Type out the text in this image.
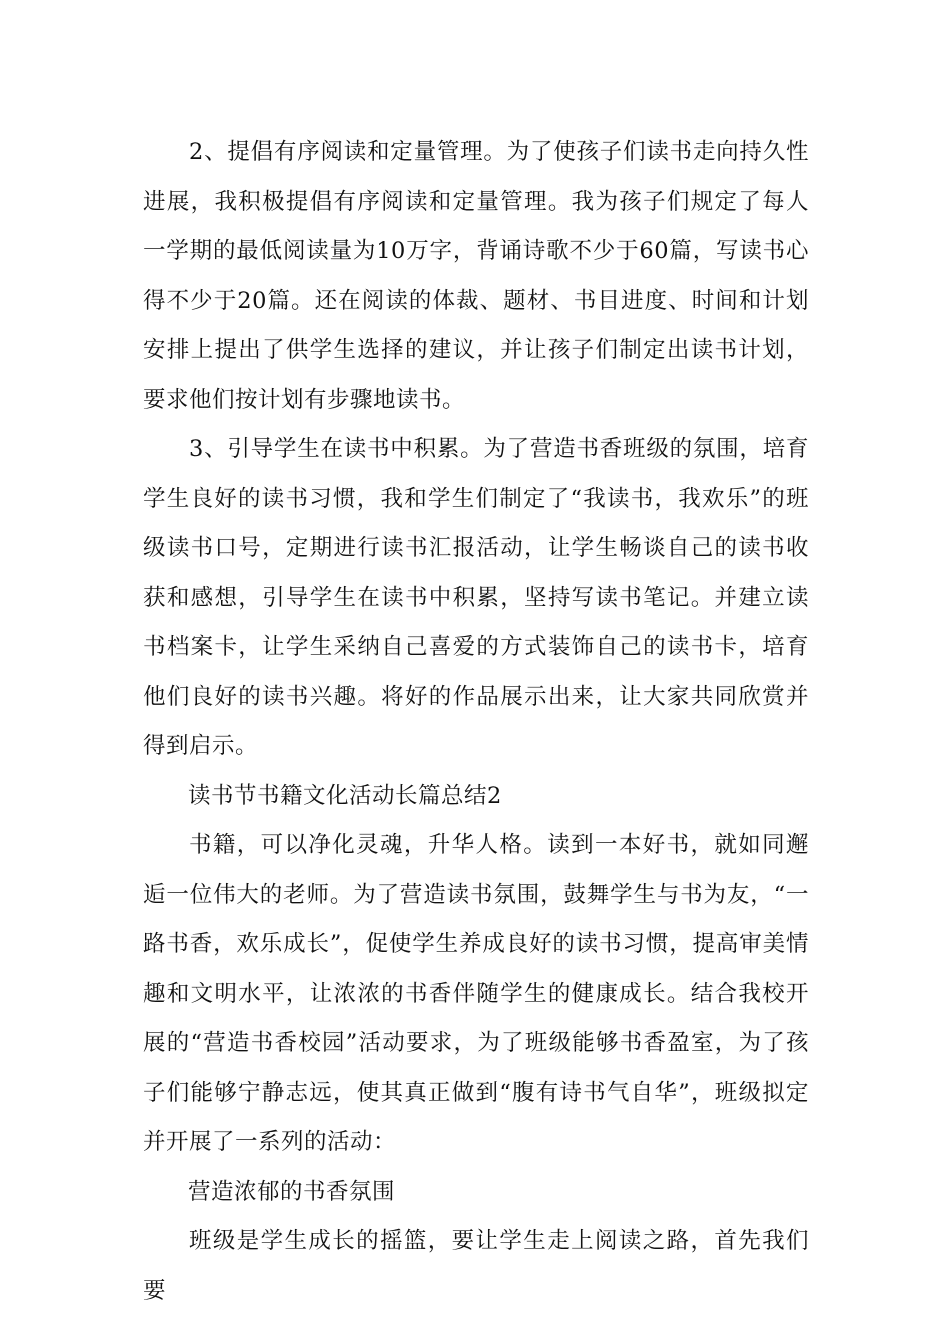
2、提倡有序阅读和定量管理。为了使孩子们读书走向持久性进展，我积极提倡有序阅读和定量管理。我为孩子们规定了每人一学期的最低阅读量为10万字，背诵诗歌不少于60篇，写读书心得不少于20篇。还在阅读的体裁、题材、书目进度、时间和计划安排上提出了供学生选择的建议，并让孩子们制定出读书计划，要求他们按计划有步骤地读书。

3、引导学生在读书中积累。为了营造书香班级的氛围，培育学生良好的读书习惯，我和学生们制定了“我读书，我欢乐”的班级读书口号，定期进行读书汇报活动，让学生畅谈自己的读书收获和感想，引导学生在读书中积累，坚持写读书笔记。并建立读书档案卡，让学生采纳自己喜爱的方式装饰自己的读书卡，培育他们良好的读书兴趣。将好的作品展示出来，让大家共同欣赏并得到启示。

读书节书籍文化活动长篇总结2

书籍，可以净化灵魂，升华人格。读到一本好书，就如同邂逅一位伟大的老师。为了营造读书氛围，鼓舞学生与书为友，“一路书香，欢乐成长”，促使学生养成良好的读书习惯，提高审美情趣和文明水平，让浓浓的书香伴随学生的健康成长。结合我校开展的“营造书香校园”活动要求，为了班级能够书香盈室，为了孩子们能够宁静志远，使其真正做到“腹有诗书气自华”，班级拟定并开展了一系列的活动：

营造浓郁的书香氛围

班级是学生成长的摇篮，要让学生走上阅读之路，首先我们要
